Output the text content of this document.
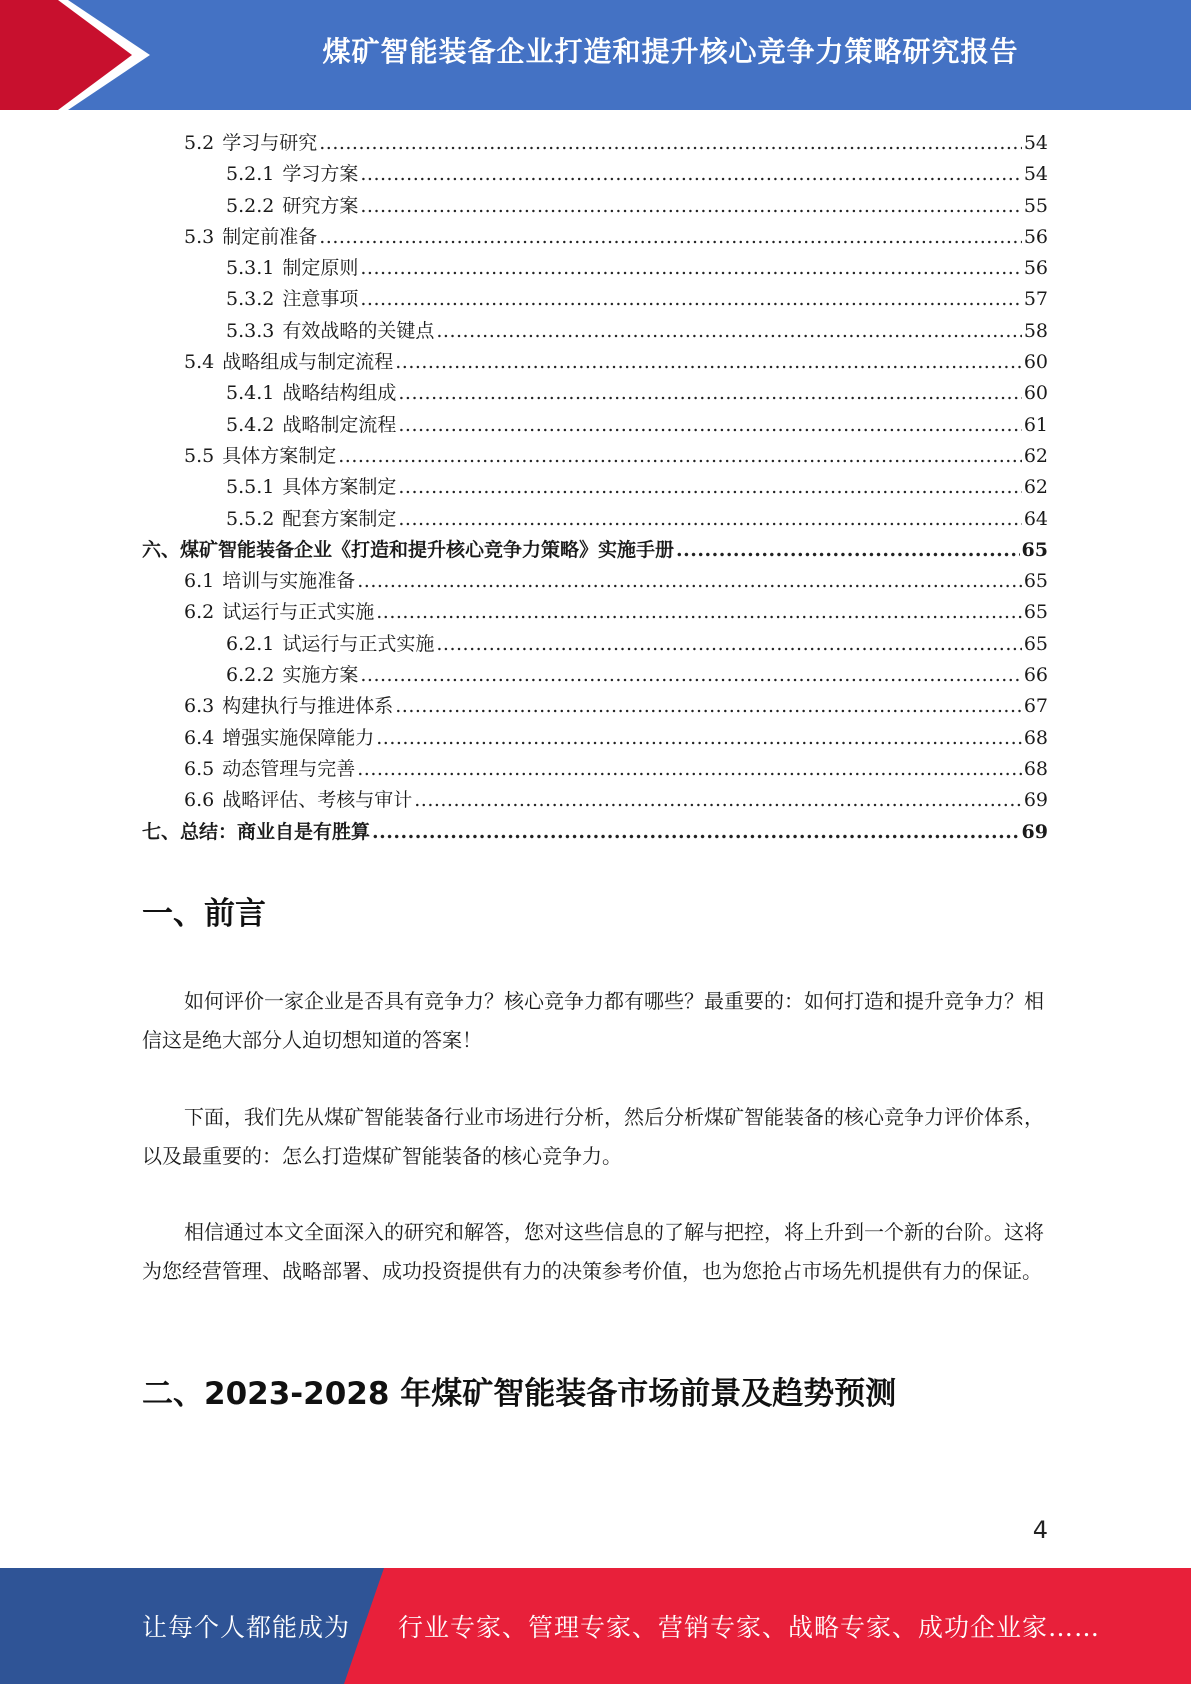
煤矿智能装备企业打造和提升核心竞争力策略研究报告
5.2 学习与研究 .....	54
5.2.1 学习方案 .....	54
5.2.2 研究方案 .....	55
5.3 制定前准备 .....	56
5.3.1 制定原则 .....	56
5.3.2 注意事项 .....	57
5.3.3 有效战略的关键点 .....	58
5.4 战略组成与制定流程 .....	60
5.4.1 战略结构组成 .....	60
5.4.2 战略制定流程 .....	61
5.5 具体方案制定 .....	62
5.5.1 具体方案制定 .....	62
5.5.2 配套方案制定 .....	64
六、煤矿智能装备企业《打造和提升核心竞争力策略》实施手册 .....	65
6.1 培训与实施准备 .....	65
6.2 试运行与正式实施 .....	65
6.2.1 试运行与正式实施 .....	65
6.2.2 实施方案 .....	66
6.3 构建执行与推进体系 .....	67
6.4 增强实施保障能力 .....	68
6.5 动态管理与完善 .....	68
6.6 战略评估、考核与审计 .....	69
七、总结：商业自是有胜算 .....	69
一、前言

如何评价一家企业是否具有竞争力？核心竞争力都有哪些？最重要的：如何打造和提升竞争力？相信这是绝大部分人迫切想知道的答案！

下面，我们先从煤矿智能装备行业市场进行分析，然后分析煤矿智能装备的核心竞争力评价体系，以及最重要的：怎么打造煤矿智能装备的核心竞争力。

相信通过本文全面深入的研究和解答，您对这些信息的了解与把控，将上升到一个新的台阶。这将为您经营管理、战略部署、成功投资提供有力的决策参考价值，也为您抢占市场先机提供有力的保证。

二、2023-2028 年煤矿智能装备市场前景及趋势预测
4
让每个人都能成为 行业专家、管理专家、营销专家、战略专家、成功企业家……
